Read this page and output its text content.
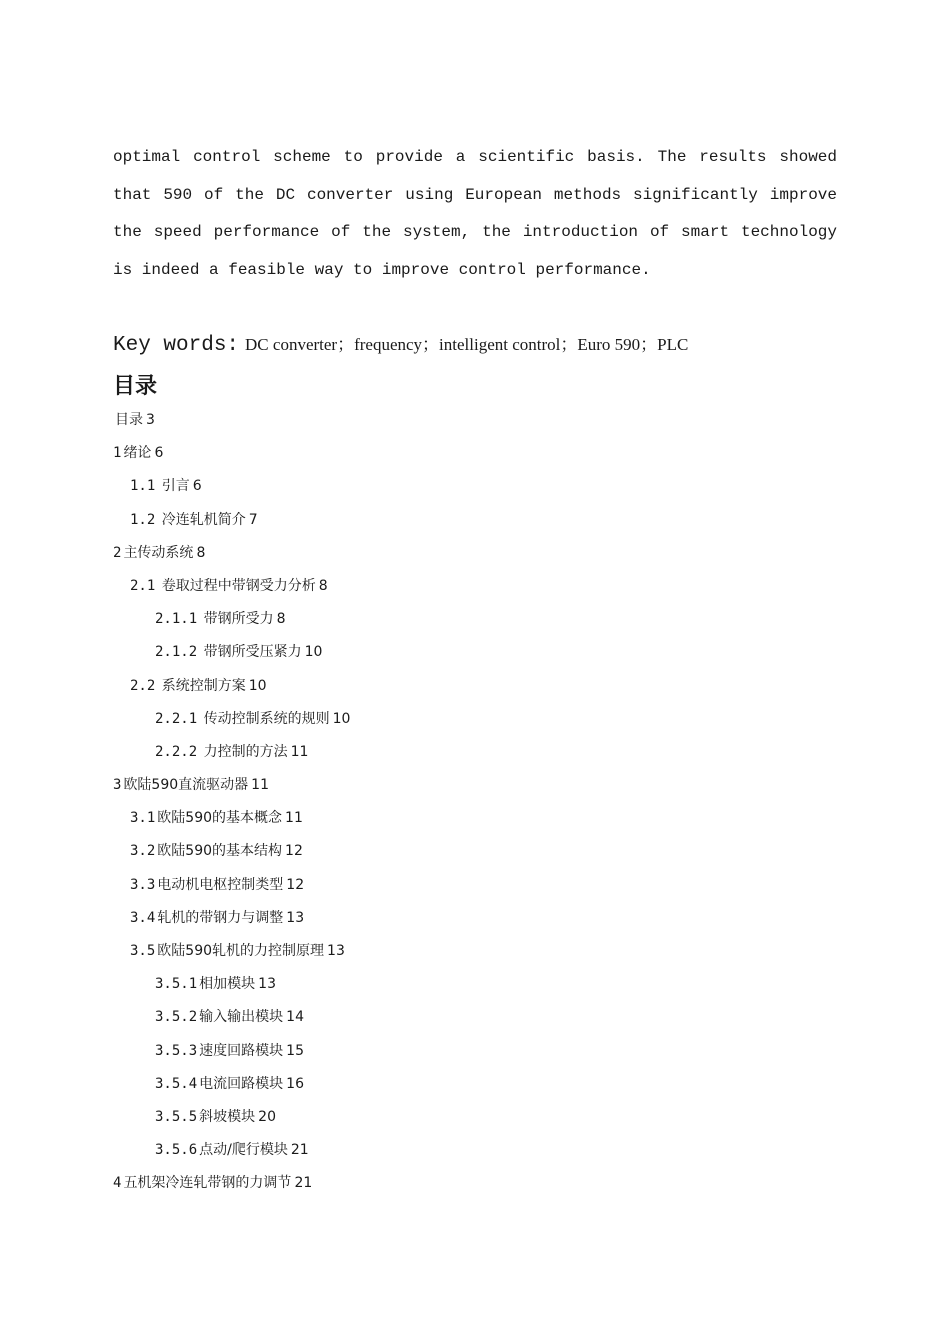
optimal control scheme to provide a scientific basis. The results showed
that 590 of the DC converter using European methods significantly improve
the speed performance of the system, the introduction of smart technology
is indeed a feasible way to improve control performance.
Key words: DC converter；frequency；intelligent control；Euro 590；PLC
目录
目录 3
1 绪论 6
1.1 引言 6
1.2 冷连轧机简介 7
2 主传动系统 8
2.1 卷取过程中带钢受力分析 8
2.1.1 带钢所受力 8
2.1.2 带钢所受压紧力 10
2.2 系统控制方案 10
2.2.1 传动控制系统的规则 10
2.2.2 力控制的方法 11
3 欧陆590直流驱动器 11
3.1 欧陆590的基本概念 11
3.2 欧陆590的基本结构 12
3.3 电动机电枢控制类型 12
3.4 轧机的带钢力与调整 13
3.5 欧陆590轧机的力控制原理 13
3.5.1 相加模块 13
3.5.2 输入输出模块 14
3.5.3 速度回路模块 15
3.5.4 电流回路模块 16
3.5.5 斜坡模块 20
3.5.6 点动/爬行模块 21
4 五机架冷连轧带钢的力调节 21
